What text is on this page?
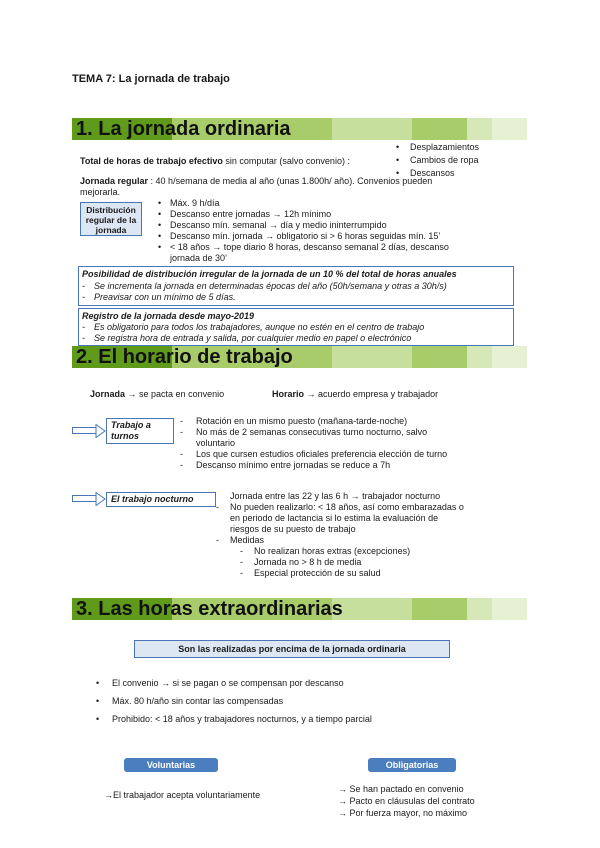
TEMA 7: La jornada de trabajo
1. La jornada ordinaria
Total de horas de trabajo efectivo sin computar (salvo convenio) :
• Desplazamientos
• Cambios de ropa
• Descansos
Jornada regular : 40 h/semana de media al año (unas 1.800h/ año). Convenios pueden
mejorarla.
Distribución regular de la jornada
• Máx. 9 h/día
• Descanso entre jornadas → 12h mínimo
• Descanso mín. semanal → día y medio ininterrumpido
• Descanso mín. jornada → obligatorio si > 6 horas seguidas mín. 15’
• < 18 años → tope diario 8 horas, descanso semanal 2 días, descanso
jornada de 30’
Posibilidad de distribución irregular de la jornada de un 10 % del total de horas anuales
- Se incrementa la jornada en determinadas épocas del año (50h/semana y otras a 30h/s)
- Preavisar con un mínimo de 5 días.
Registro de la jornada desde mayo-2019
- Es obligatorio para todos los trabajadores, aunque no estén en el centro de trabajo
- Se registra hora de entrada y salida, por cualquier medio en papel o electrónico
2. El horario de trabajo
Jornada → se pacta en convenio	Horario → acuerdo empresa y trabajador
Trabajo a turnos
- Rotación en un mismo puesto (mañana-tarde-noche)
- No más de 2 semanas consecutivas turno nocturno, salvo
voluntario
- Los que cursen estudios oficiales preferencia elección de turno
- Descanso mínimo entre jornadas se reduce a 7h
El trabajo nocturno	Jornada entre las 22 y las 6 h → trabajador nocturno
- No pueden realizarlo: < 18 años, así como embarazadas o
en periodo de lactancia si lo estima la evaluación de
riesgos de su puesto de trabajo
- Medidas
- No realizan horas extras (excepciones)
- Jornada no > 8 h de media
- Especial protección de su salud
3. Las horas extraordinarias
Son las realizadas por encima de la jornada ordinaria
• El convenio → si se pagan o se compensan por descanso
• Máx. 80 h/año sin contar las compensadas
• Prohibido: < 18 años y trabajadores nocturnos, y a tiempo parcial
Voluntarias
→El trabajador acepta voluntariamente
Obligatorias
→ Se han pactado en convenio
→ Pacto en cláusulas del contrato
→ Por fuerza mayor, no máximo
